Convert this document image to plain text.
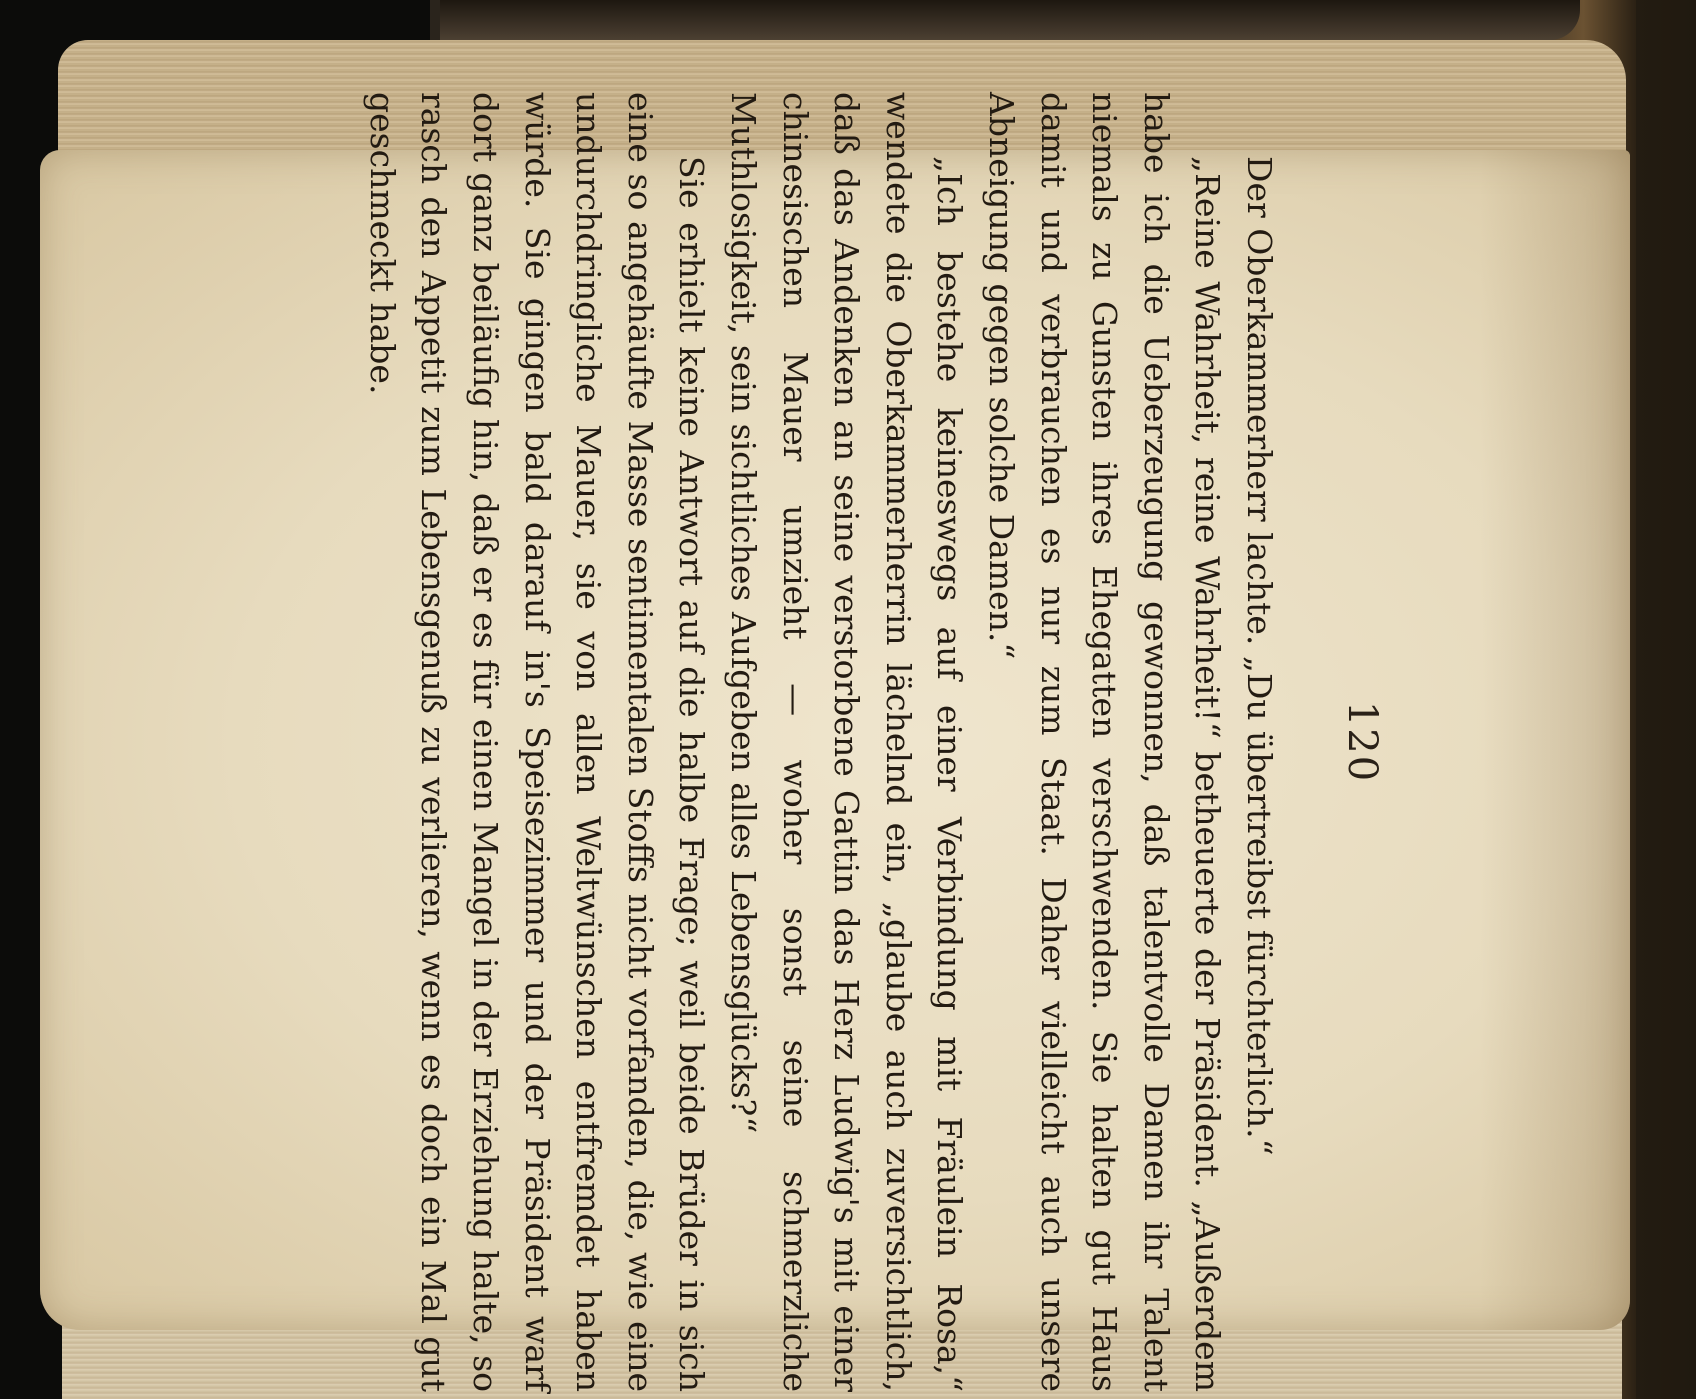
120

Der Oberkammerherr lachte. „Du übertreibst fürchterlich.“

„Reine Wahrheit, reine Wahrheit!“ betheuerte der Präsident. „Außerdem habe ich die Ueberzeugung gewonnen, daß talentvolle Damen ihr Talent niemals zu Gunsten ihres Ehegatten verschwenden. Sie halten gut Haus damit und verbrauchen es nur zum Staat. Daher vielleicht auch unsere Abneigung gegen solche Damen.“

„Ich bestehe keineswegs auf einer Verbindung mit Fräulein Rosa,“ wendete die Oberkammerherrin lächelnd ein, „glaube auch zuversichtlich, daß das Andenken an seine verstorbene Gattin das Herz Ludwig's mit einer chinesischen Mauer umzieht — woher sonst seine schmerzliche Muthlosigkeit, sein sichtliches Aufgeben alles Lebensglücks?“

Sie erhielt keine Antwort auf die halbe Frage; weil beide Brüder in sich eine so angehäufte Masse sentimentalen Stoffs nicht vorfanden, die, wie eine undurchdringliche Mauer, sie von allen Weltwünschen entfremdet haben würde. Sie gingen bald darauf in's Speisezimmer und der Präsident warf dort ganz beiläufig hin, daß er es für einen Mangel in der Erziehung halte, so rasch den Appetit zum Lebensgenuß zu verlieren, wenn es doch ein Mal gut geschmeckt habe.
